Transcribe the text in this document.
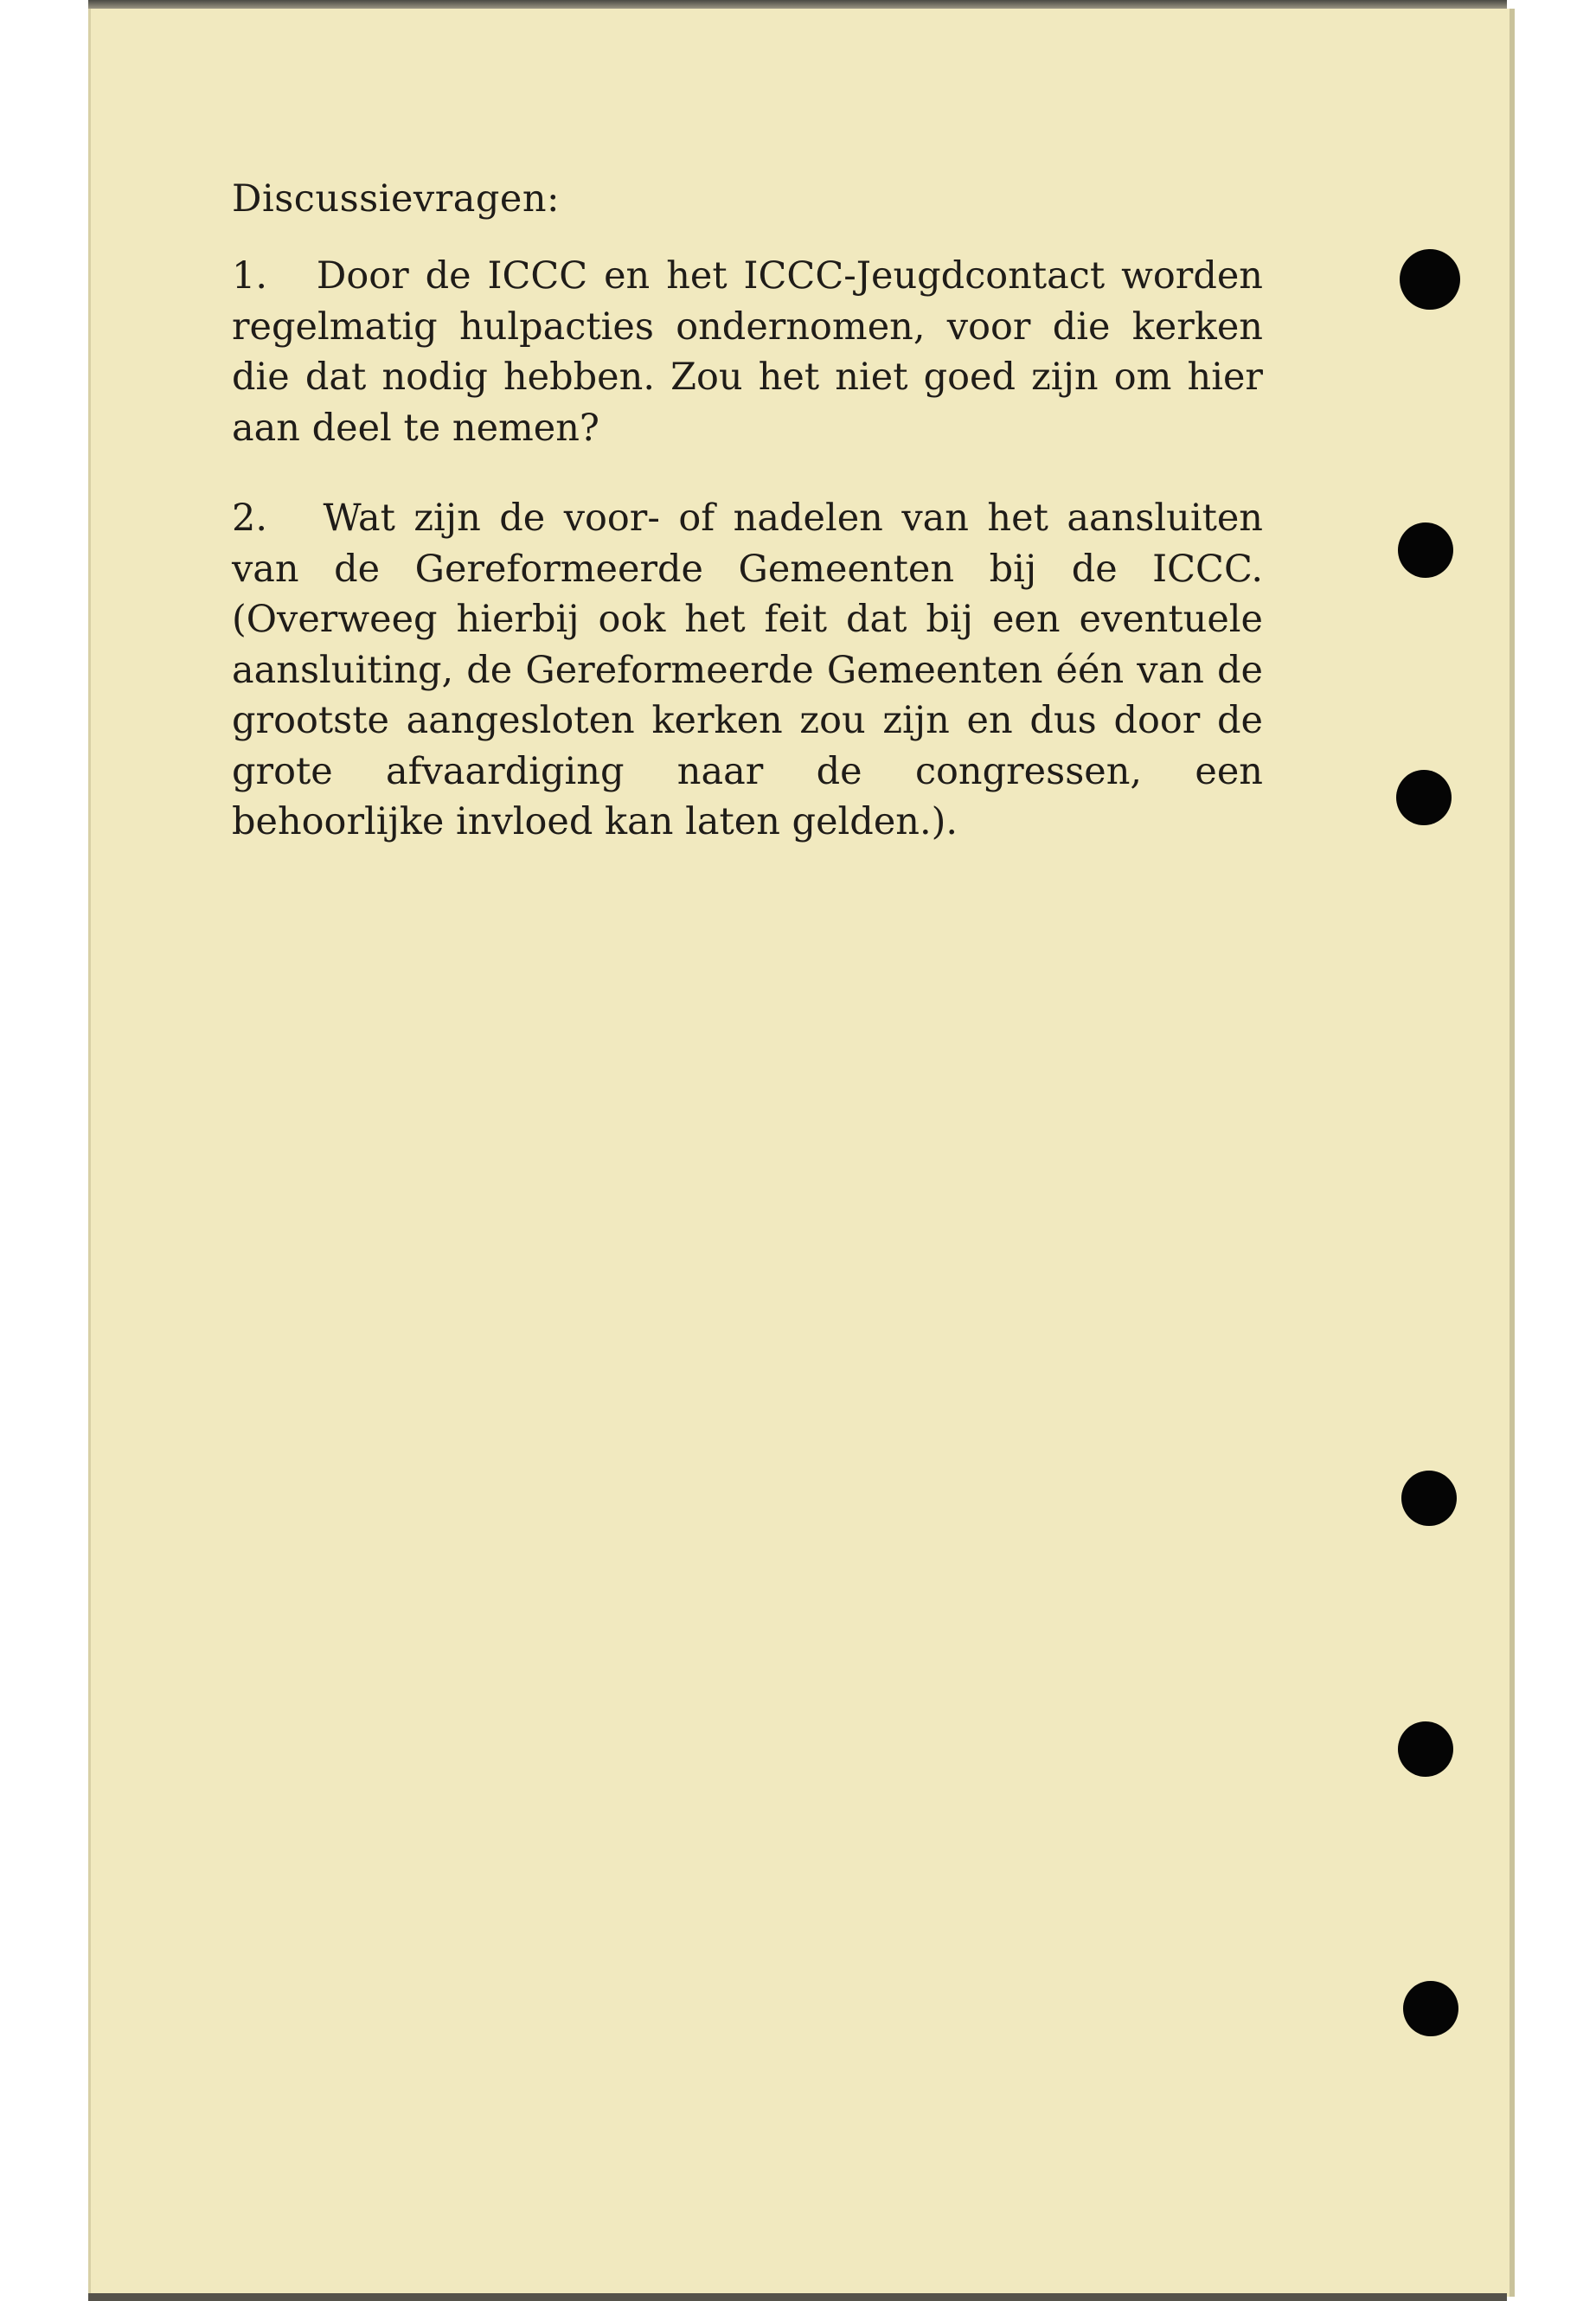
Discussievragen:
1. Door de ICCC en het ICCC-Jeugdcontact worden regelmatig hulpacties ondernomen, voor die kerken die dat nodig hebben. Zou het niet goed zijn om hier aan deel te nemen?
2. Wat zijn de voor- of nadelen van het aansluiten van de Gereformeerde Gemeenten bij de ICCC. (Overweeg hierbij ook het feit dat bij een eventuele aansluiting, de Gereformeerde Gemeenten één van de grootste aangesloten kerken zou zijn en dus door de grote afvaardiging naar de congressen, een behoorlijke invloed kan laten gelden.).
